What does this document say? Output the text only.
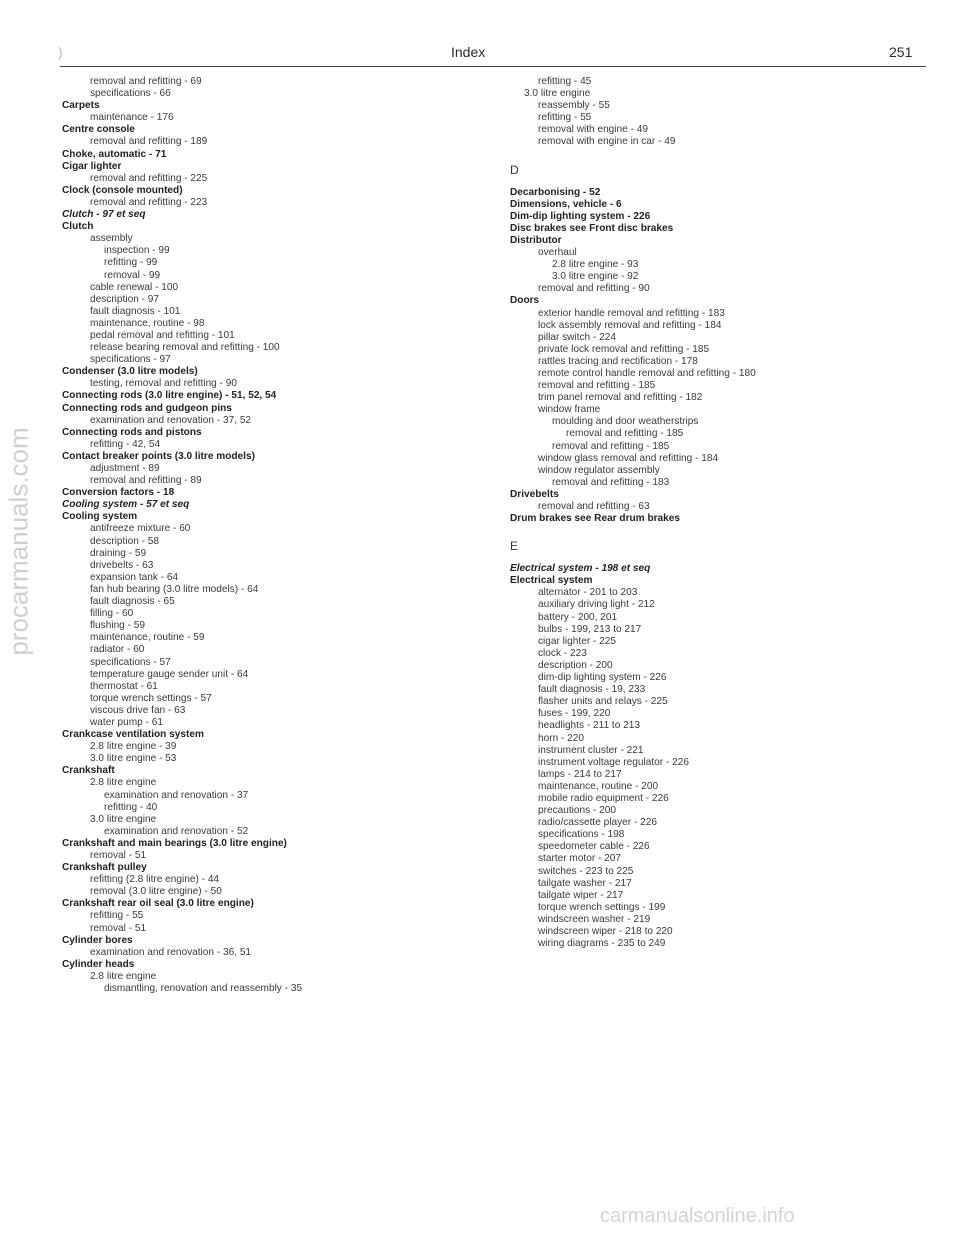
)	Index	251
procarmanuals.com
removal and refitting - 69
specifications - 66
Carpets
maintenance - 176
Centre console
removal and refitting - 189
Choke, automatic - 71
Cigar lighter
removal and refitting - 225
Clock (console mounted)
removal and refitting - 223
Clutch - 97 et seq
Clutch
assembly
inspection - 99
refitting - 99
removal - 99
cable renewal - 100
description - 97
fault diagnosis - 101
maintenance, routine - 98
pedal removal and refitting - 101
release bearing removal and refitting - 100
specifications - 97
Condenser (3.0 litre models)
testing, removal and refitting - 90
Connecting rods (3.0 litre engine) - 51, 52, 54
Connecting rods and gudgeon pins
examination and renovation - 37, 52
Connecting rods and pistons
refitting - 42, 54
Contact breaker points (3.0 litre models)
adjustment - 89
removal and refitting - 89
Conversion factors - 18
Cooling system - 57 et seq
Cooling system
antifreeze mixture - 60
description - 58
draining - 59
drivebelts - 63
expansion tank - 64
fan hub bearing (3.0 litre models) - 64
fault diagnosis - 65
filling - 60
flushing - 59
maintenance, routine - 59
radiator - 60
specifications - 57
temperature gauge sender unit - 64
thermostat - 61
torque wrench settings - 57
viscous drive fan - 63
water pump - 61
Crankcase ventilation system
2.8 litre engine - 39
3.0 litre engine - 53
Crankshaft
2.8 litre engine
examination and renovation - 37
refitting - 40
3.0 litre engine
examination and renovation - 52
Crankshaft and main bearings (3.0 litre engine)
removal - 51
Crankshaft pulley
refitting (2.8 litre engine) - 44
removal (3.0 litre engine) - 50
Crankshaft rear oil seal (3.0 litre engine)
refitting - 55
removal - 51
Cylinder bores
examination and renovation - 36, 51
Cylinder heads
2.8 litre engine
dismantling, renovation and reassembly - 35
refitting - 45
3.0 litre engine
reassembly - 55
refitting - 55
removal with engine - 49
removal with engine in car - 49
D
Decarbonising - 52
Dimensions, vehicle - 6
Dim-dip lighting system - 226
Disc brakes see Front disc brakes
Distributor
overhaul
2.8 litre engine - 93
3.0 litre engine - 92
removal and refitting - 90
Doors
exterior handle removal and refitting - 183
lock assembly removal and refitting - 184
pillar switch - 224
private lock removal and refitting - 185
rattles tracing and rectification - 178
remote control handle removal and refitting - 180
removal and refitting - 185
trim panel removal and refitting - 182
window frame
moulding and door weatherstrips
removal and refitting - 185
removal and refitting - 185
window glass removal and refitting - 184
window regulator assembly
removal and refitting - 183
Drivebelts
removal and refitting - 63
Drum brakes see Rear drum brakes
E
Electrical system - 198 et seq
Electrical system
alternator - 201 to 203
auxiliary driving light - 212
battery - 200, 201
bulbs - 199, 213 to 217
cigar lighter - 225
clock - 223
description - 200
dim-dip lighting system - 226
fault diagnosis - 19, 233
flasher units and relays - 225
fuses - 199, 220
headlights - 211 to 213
horn - 220
instrument cluster - 221
instrument voltage regulator - 226
lamps - 214 to 217
maintenance, routine - 200
mobile radio equipment - 226
precautions - 200
radio/cassette player - 226
specifications - 198
speedometer cable - 226
starter motor - 207
switches - 223 to 225
tailgate washer - 217
tailgate wiper - 217
torque wrench settings - 199
windscreen washer - 219
windscreen wiper - 218 to 220
wiring diagrams - 235 to 249
carmanualsonline.info
